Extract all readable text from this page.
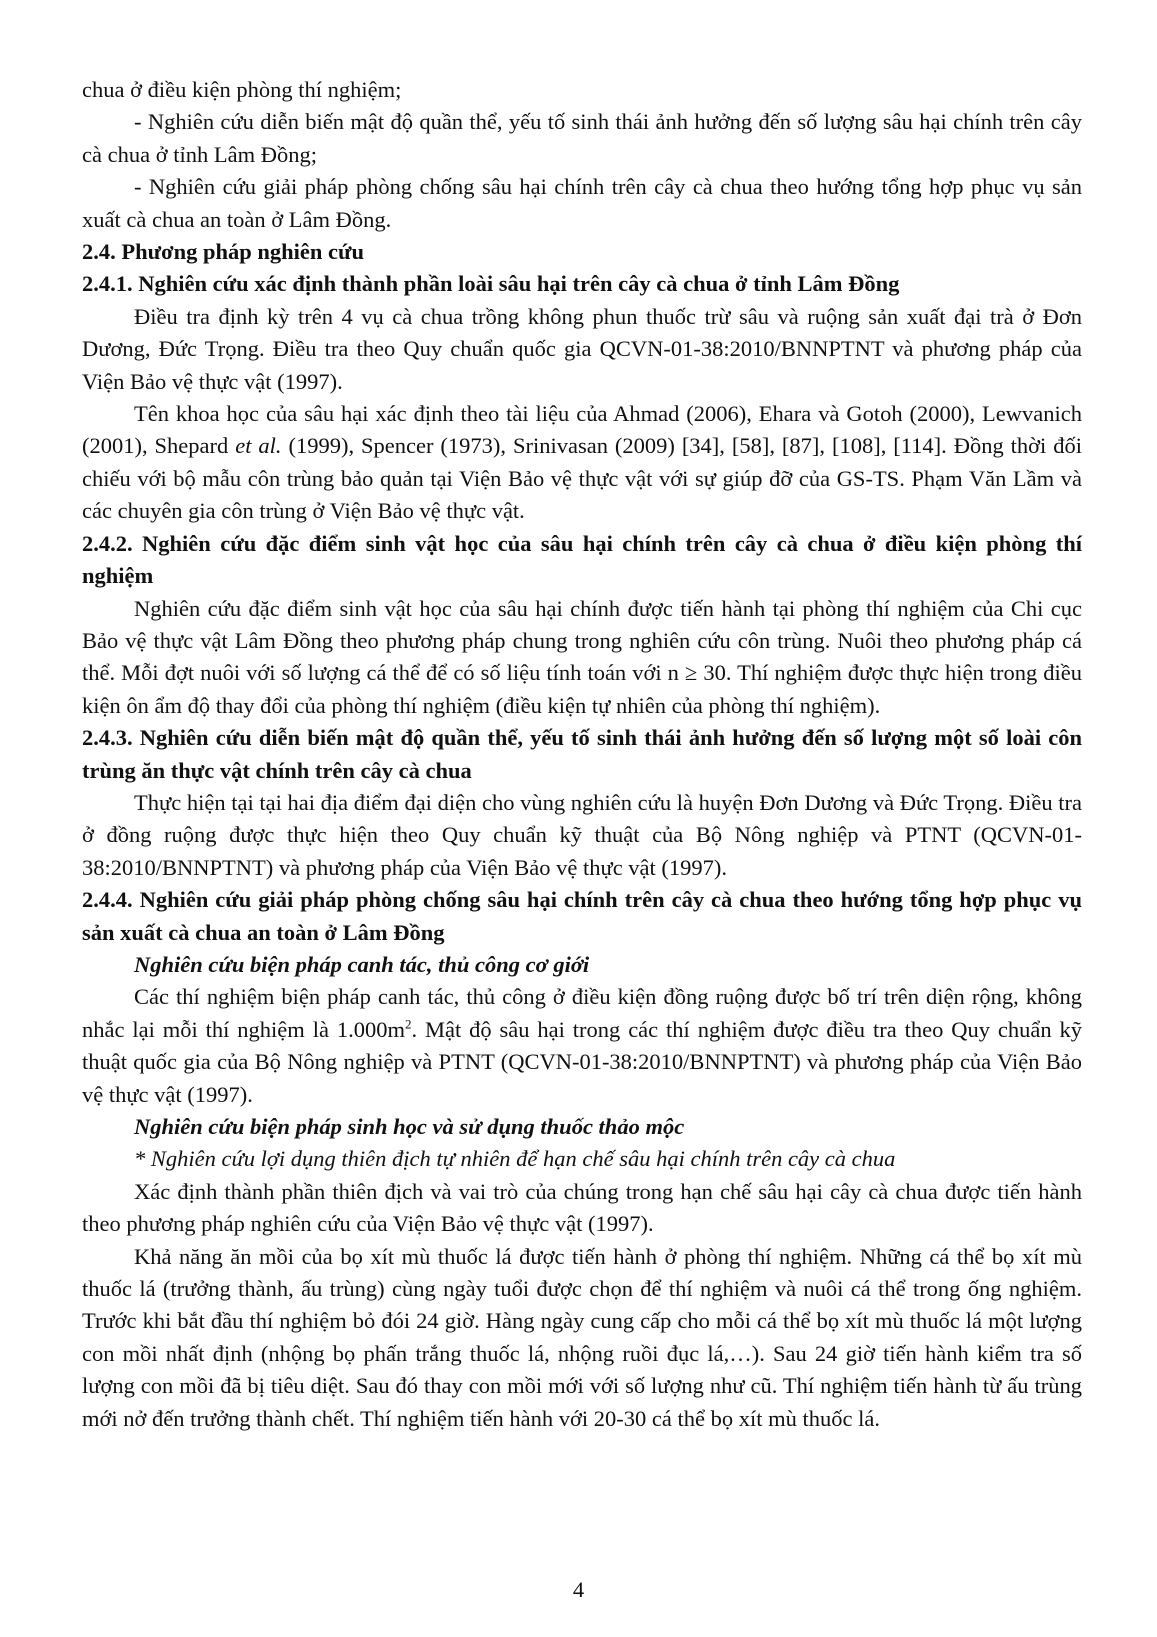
chua ở điều kiện phòng thí nghiệm;

- Nghiên cứu diễn biến mật độ quần thể, yếu tố sinh thái ảnh hưởng đến số lượng sâu hại chính trên cây cà chua ở tỉnh Lâm Đồng;

- Nghiên cứu giải pháp phòng chống sâu hại chính trên cây cà chua theo hướng tổng hợp phục vụ sản xuất cà chua an toàn ở Lâm Đồng.

2.4. Phương pháp nghiên cứu

2.4.1. Nghiên cứu xác định thành phần loài sâu hại trên cây cà chua ở tỉnh Lâm Đồng

Điều tra định kỳ trên 4 vụ cà chua trồng không phun thuốc trừ sâu và ruộng sản xuất đại trà ở Đơn Dương, Đức Trọng. Điều tra theo Quy chuẩn quốc gia QCVN-01-38:2010/BNNPTNT và phương pháp của Viện Bảo vệ thực vật (1997).

Tên khoa học của sâu hại xác định theo tài liệu của Ahmad (2006), Ehara và Gotoh (2000), Lewvanich (2001), Shepard et al. (1999), Spencer (1973), Srinivasan (2009) [34], [58], [87], [108], [114]. Đồng thời đối chiếu với bộ mẫu côn trùng bảo quản tại Viện Bảo vệ thực vật với sự giúp đỡ của GS-TS. Phạm Văn Lầm và các chuyên gia côn trùng ở Viện Bảo vệ thực vật.

2.4.2. Nghiên cứu đặc điểm sinh vật học của sâu hại chính trên cây cà chua ở điều kiện phòng thí nghiệm

Nghiên cứu đặc điểm sinh vật học của sâu hại chính được tiến hành tại phòng thí nghiệm của Chi cục Bảo vệ thực vật Lâm Đồng theo phương pháp chung trong nghiên cứu côn trùng. Nuôi theo phương pháp cá thể. Mỗi đợt nuôi với số lượng cá thể để có số liệu tính toán với n ≥ 30. Thí nghiệm được thực hiện trong điều kiện ôn ẩm độ thay đổi của phòng thí nghiệm (điều kiện tự nhiên của phòng thí nghiệm).

2.4.3. Nghiên cứu diễn biến mật độ quần thể, yếu tố sinh thái ảnh hưởng đến số lượng một số loài côn trùng ăn thực vật chính trên cây cà chua

Thực hiện tại tại hai địa điểm đại diện cho vùng nghiên cứu là huyện Đơn Dương và Đức Trọng. Điều tra ở đồng ruộng được thực hiện theo Quy chuẩn kỹ thuật của Bộ Nông nghiệp và PTNT (QCVN-01-38:2010/BNNPTNT) và phương pháp của Viện Bảo vệ thực vật (1997).

2.4.4. Nghiên cứu giải pháp phòng chống sâu hại chính trên cây cà chua theo hướng tổng hợp phục vụ sản xuất cà chua an toàn ở Lâm Đồng

Nghiên cứu biện pháp canh tác, thủ công cơ giới

Các thí nghiệm biện pháp canh tác, thủ công ở điều kiện đồng ruộng được bố trí trên diện rộng, không nhắc lại mỗi thí nghiệm là $1.000m^2$. Mật độ sâu hại trong các thí nghiệm được điều tra theo Quy chuẩn kỹ thuật quốc gia của Bộ Nông nghiệp và PTNT (QCVN-01-38:2010/BNNPTNT) và phương pháp của Viện Bảo vệ thực vật (1997).

Nghiên cứu biện pháp sinh học và sử dụng thuốc thảo mộc

* Nghiên cứu lợi dụng thiên địch tự nhiên để hạn chế sâu hại chính trên cây cà chua

Xác định thành phần thiên địch và vai trò của chúng trong hạn chế sâu hại cây cà chua được tiến hành theo phương pháp nghiên cứu của Viện Bảo vệ thực vật (1997).

Khả năng ăn mồi của bọ xít mù thuốc lá được tiến hành ở phòng thí nghiệm. Những cá thể bọ xít mù thuốc lá (trưởng thành, ấu trùng) cùng ngày tuổi được chọn để thí nghiệm và nuôi cá thể trong ống nghiệm. Trước khi bắt đầu thí nghiệm bỏ đói 24 giờ. Hàng ngày cung cấp cho mỗi cá thể bọ xít mù thuốc lá một lượng con mồi nhất định (nhộng bọ phấn trắng thuốc lá, nhộng ruồi đục lá,…). Sau 24 giờ tiến hành kiểm tra số lượng con mồi đã bị tiêu diệt. Sau đó thay con mồi mới với số lượng như cũ. Thí nghiệm tiến hành từ ấu trùng mới nở đến trưởng thành chết. Thí nghiệm tiến hành với 20-30 cá thể bọ xít mù thuốc lá.

4
